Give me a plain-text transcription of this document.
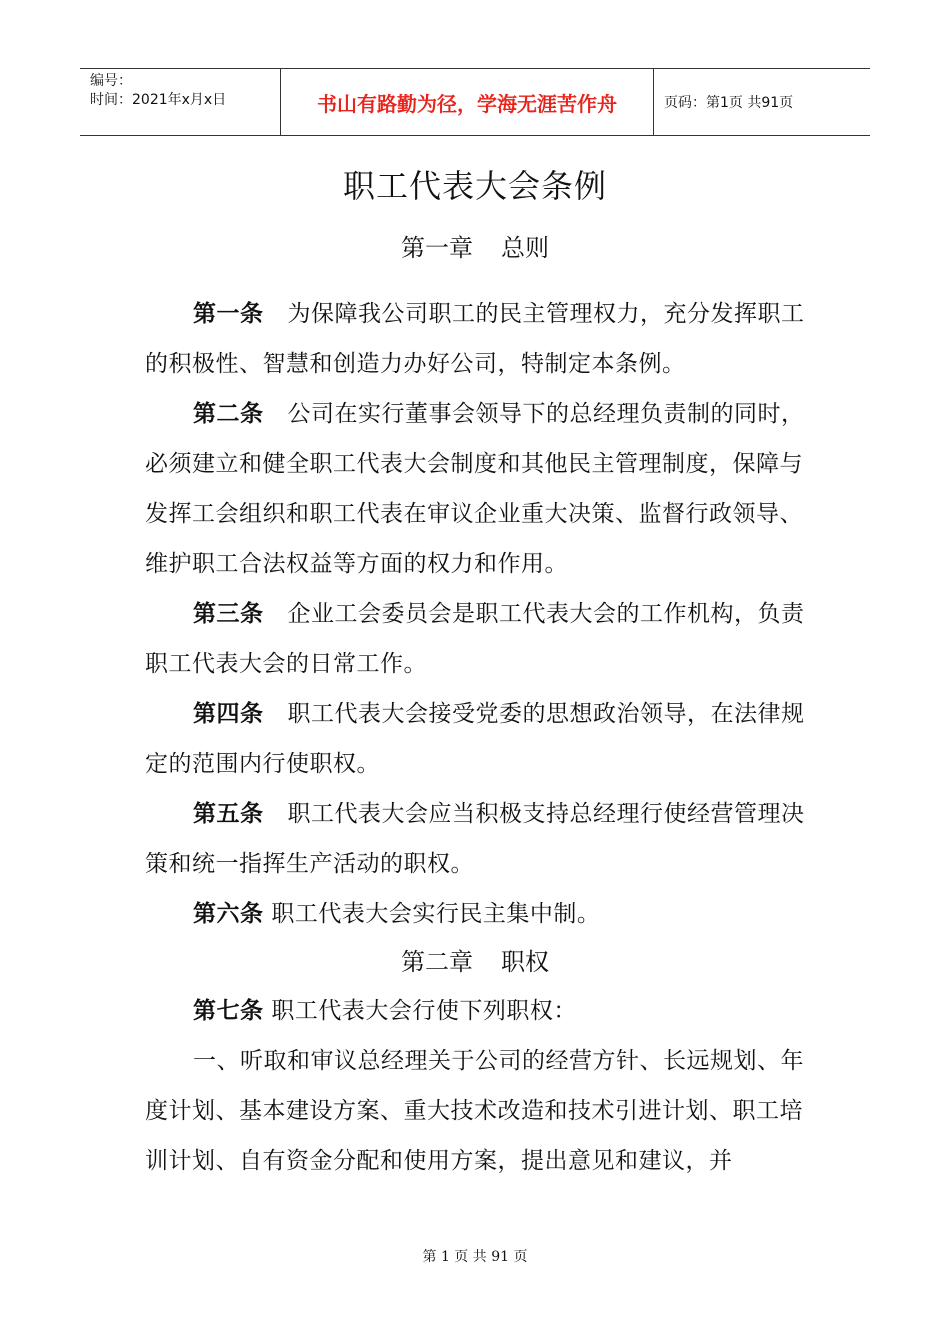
编号：
时间：2021年x月x日	书山有路勤为径，学海无涯苦作舟	页码：第1页 共91页
职工代表大会条例
第一章 总则

第一条 为保障我公司职工的民主管理权力，充分发挥职工的积极性、智慧和创造力办好公司，特制定本条例。

第二条 公司在实行董事会领导下的总经理负责制的同时，必须建立和健全职工代表大会制度和其他民主管理制度，保障与发挥工会组织和职工代表在审议企业重大决策、监督行政领导、维护职工合法权益等方面的权力和作用。

第三条 企业工会委员会是职工代表大会的工作机构，负责职工代表大会的日常工作。

第四条 职工代表大会接受党委的思想政治领导，在法律规定的范围内行使职权。

第五条 职工代表大会应当积极支持总经理行使经营管理决策和统一指挥生产活动的职权。

第六条 职工代表大会实行民主集中制。

第二章 职权

第七条 职工代表大会行使下列职权：

一、听取和审议总经理关于公司的经营方针、长远规划、年度计划、基本建设方案、重大技术改造和技术引进计划、职工培训计划、自有资金分配和使用方案，提出意见和建议，并

第 1 页 共 91 页
